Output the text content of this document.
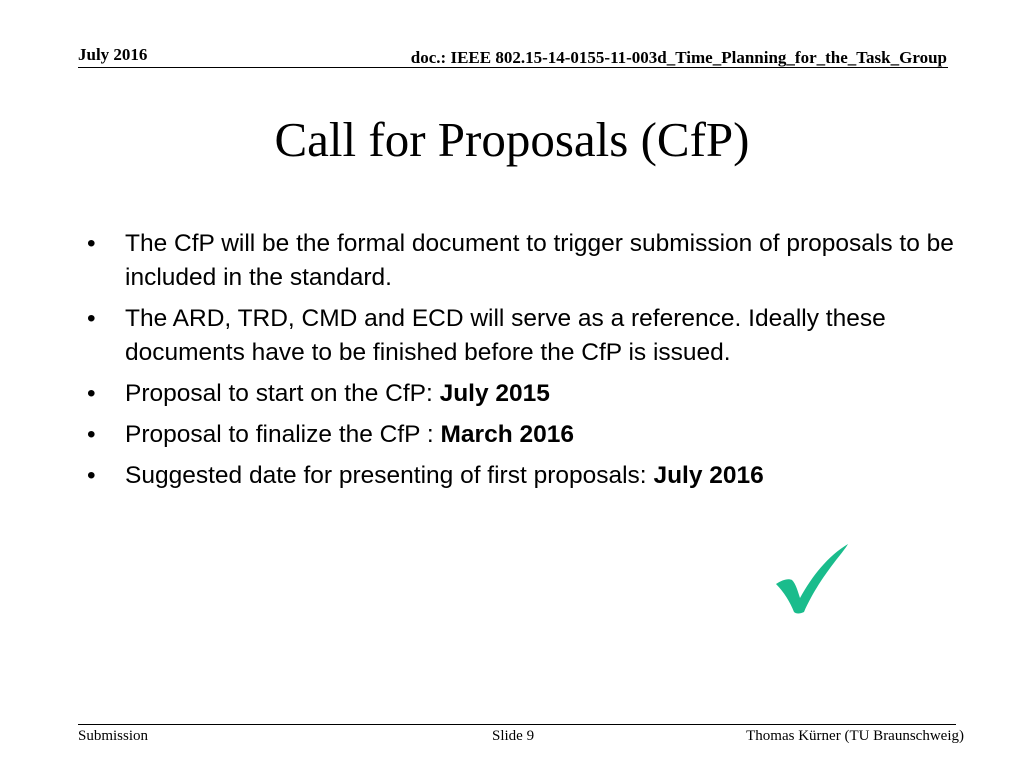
July 2016	doc.: IEEE 802.15-14-0155-11-003d_Time_Planning_for_the_Task_Group
Call for Proposals (CfP)
• The CfP will be the formal document to trigger submission of proposals to be included in the standard.
• The ARD, TRD, CMD and ECD will serve as a reference. Ideally these documents have to be finished before the CfP is issued.
• Proposal to start on the CfP: July 2015
• Proposal to finalize the CfP : March 2016
• Suggested date for presenting of first proposals: July 2016
Submission	Slide 9	Thomas Kürner (TU Braunschweig)
